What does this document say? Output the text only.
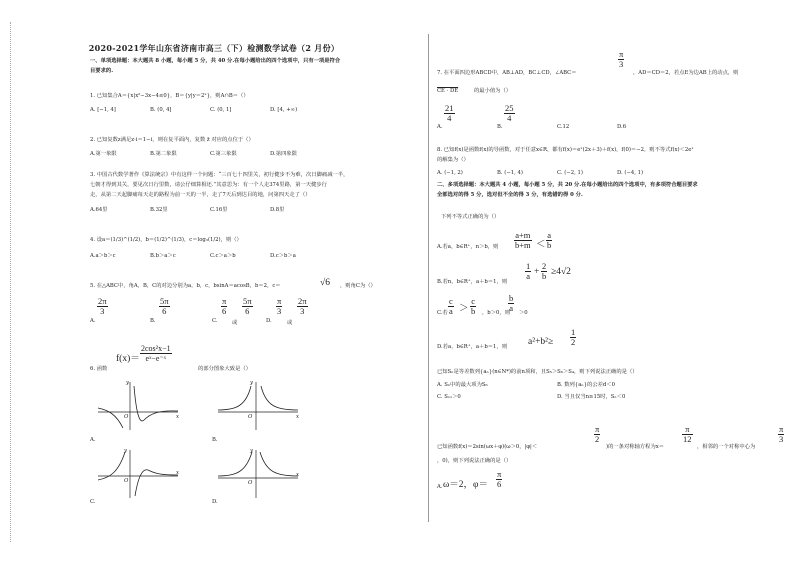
2020-2021学年山东省济南市高三（下）检测数学试卷（2 月份）
一、单项选择题：本大题共 8 小题，每小题 5 分，共 40 分.在每小题给出的四个选项中，只有一项是符合
目要求的.
1. 已知集合A＝{x|x²−3x−4≤0}，B＝{y|y＝2ˣ}，则A∩B＝（）
A. [−1, 4]	B. (0, 4]	C. (0, 1]	D. [4, +∞)
2. 已知复数z满足z·i＝1−i，则在复平面内，复数 z̄ 对应的点位于（）
A.第一象限	B.第二象限	C.第三象限	D.第四象限
3. 中国古代数学著作《算法统宗》中有这样一个问题：“三百七十四里关，初行健步不为难，次日脚痛减一半，
七朝才得到其关，要见次日行里数，请公仔细算相还.”其意思为：有一个人走374里路，第一天健步行
走，从第二天起脚痛每天走的路程为前一天的一半，走了7天后到达目的地，问第四天走了（）
A.64里	B.32里	C.16里	D.8里
4. 设a＝(1/3)^(1/2)，b＝(1/2)^(1/3)，c＝log₃(1/2)，则（）
A.a＞b＞c	B.b＞a＞c	C.c＞a＞b	D.c＞b＞a
5. 在△ABC中，角A，B，C的对边分别为a，b，c，bsinA＝acosB，b＝2，c＝	√6 ，则角C为（）
A.
$\frac{2\pi}{3}$
B.
$\frac{5\pi}{6}$
C.
$\frac{\pi}{6}$
或
$\frac{5\pi}{6}$
D.
$\frac{\pi}{3}$
或
$\frac{2\pi}{3}$
$f(x)= \frac{\text{2cos²x−1}}{\text{eˣ−e⁻ˣ}}$
6. 函数	的部分图象大致是（）
x
y
O
A.
x
y
O
B.
x
y
O
C.
x
y
O
D.
$\frac{\pi}{3}$
7. 在平面四边形ABCD中，AB⊥AD，BC⊥CD，∠ABC＝	，AD＝CD＝2，若点E为边AB上的动点，则
CE · DE	的最小值为（）
A.
$\frac{21}{4}$
B.
$\frac{25}{4}$
C.12	D.6
8. 已知f(x)是函数f(x)的导函数，对于任意x∈R，都有f(x)＝eˣ(2x＋3)＋f(x)，f(0)＝−2，则不等式f(x)＜2eˣ
的解集为（）
A. (−1, 2)	B. (−1, 4)	C. (−2, 1)	D. (−4, 1)
二、多项选择题：本大题共 4 小题，每小题 5 分，共 20 分.在每小题给出的四个选项中，有多项符合题目要求
全部选对的得 5 分，选对但不全的得 3 分，有选错的得 0 分.
下列不等式正确的为（）
A.若a，b∈R⁺，n＞b，则 $\frac{a+m}{b+m} < \frac{a}{b}$
B.若n，b∈R⁺，a＋b＝1，则
$\frac{1}{a} + \frac{2}{b} \ge 4√2$
C.若 $\frac{c}{a} > \frac{c}{b}$ ，b＞0，则
$\frac{b}{a} >0$
D.若a，b∈R⁺，a＋b＝1，则 $a^2+b^2\ge \frac{1}{2}$
已知Sₙ是等差数列{aₙ}(n∈N*)的前n项和，且S₅＞S₆＞S₄，则下列说法正确的是（）
A. Sₙ中的最大项为S₆	B. 数列{aₙ}的公差d＜0
C. S₁₁＞0	D. 当且仅当n≥15时，Sₙ＜0
已知函数f(x)＝2sin(ωx＋φ)(ω＞0，|φ|＜
$\frac{\pi}{2}$
)的一条对称轴方程为x＝
$\frac{\pi}{12}$
，相邻的一个对称中心为
$\frac{\pi}{3}$
，0)，则下列说法正确的是（）
A. ω＝2，$\varphi= \frac{\pi}{6}$
